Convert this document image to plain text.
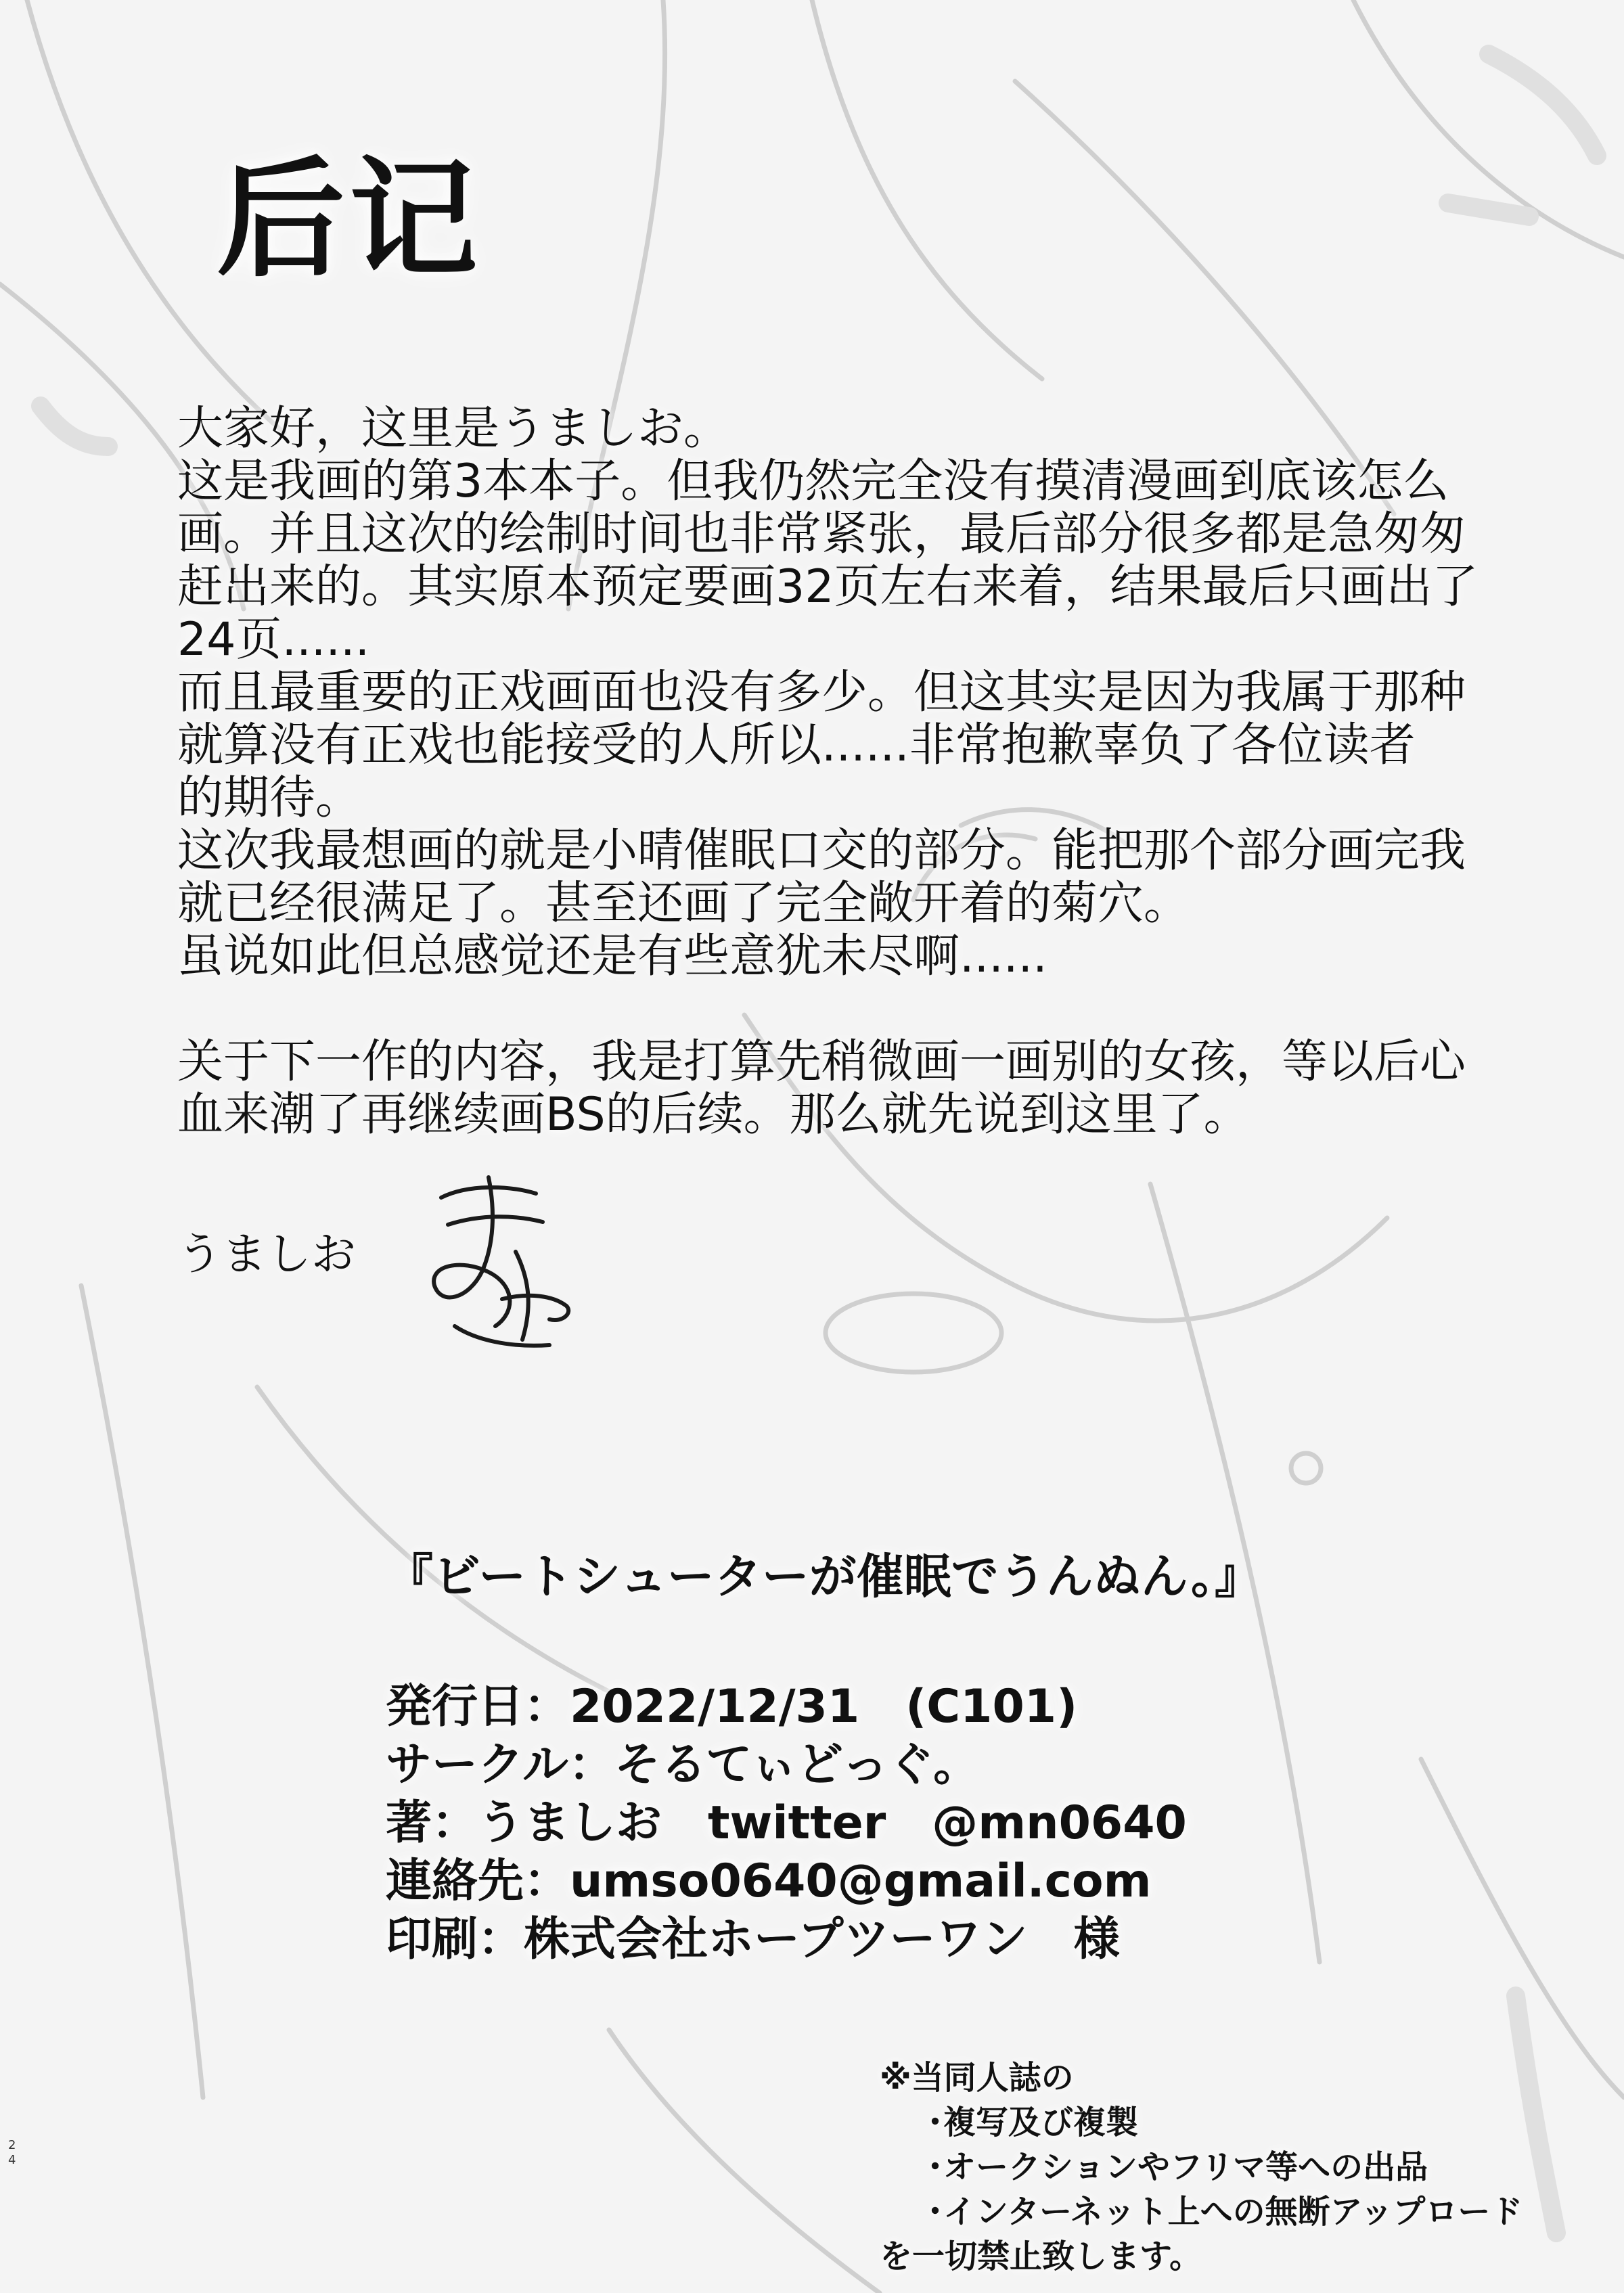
后记
大家好，这里是うましお。
这是我画的第3本本子。但我仍然完全没有摸清漫画到底该怎么
画。并且这次的绘制时间也非常紧张，最后部分很多都是急匆匆
赶出来的。其实原本预定要画32页左右来着，结果最后只画出了
24页......
而且最重要的正戏画面也没有多少。但这其实是因为我属于那种
就算没有正戏也能接受的人所以......非常抱歉辜负了各位读者
的期待。
这次我最想画的就是小晴催眠口交的部分。能把那个部分画完我
就已经很满足了。甚至还画了完全敞开着的菊穴。
虽说如此但总感觉还是有些意犹未尽啊......
关于下一作的内容，我是打算先稍微画一画别的女孩，等以后心
血来潮了再继续画BS的后续。那么就先说到这里了。
うましお
『ビートシューターが催眠でうんぬん。』
発行日：2022/12/31　(C101)
サークル：そるてぃどっぐ。
著：うましお　twitter　@mn0640
連絡先：umso0640@gmail.com
印刷：株式会社ホープツーワン　様
※当同人誌の
･複写及び複製
･オークションやフリマ等への出品
･インターネット上への無断アップロード
を一切禁止致します。
24
